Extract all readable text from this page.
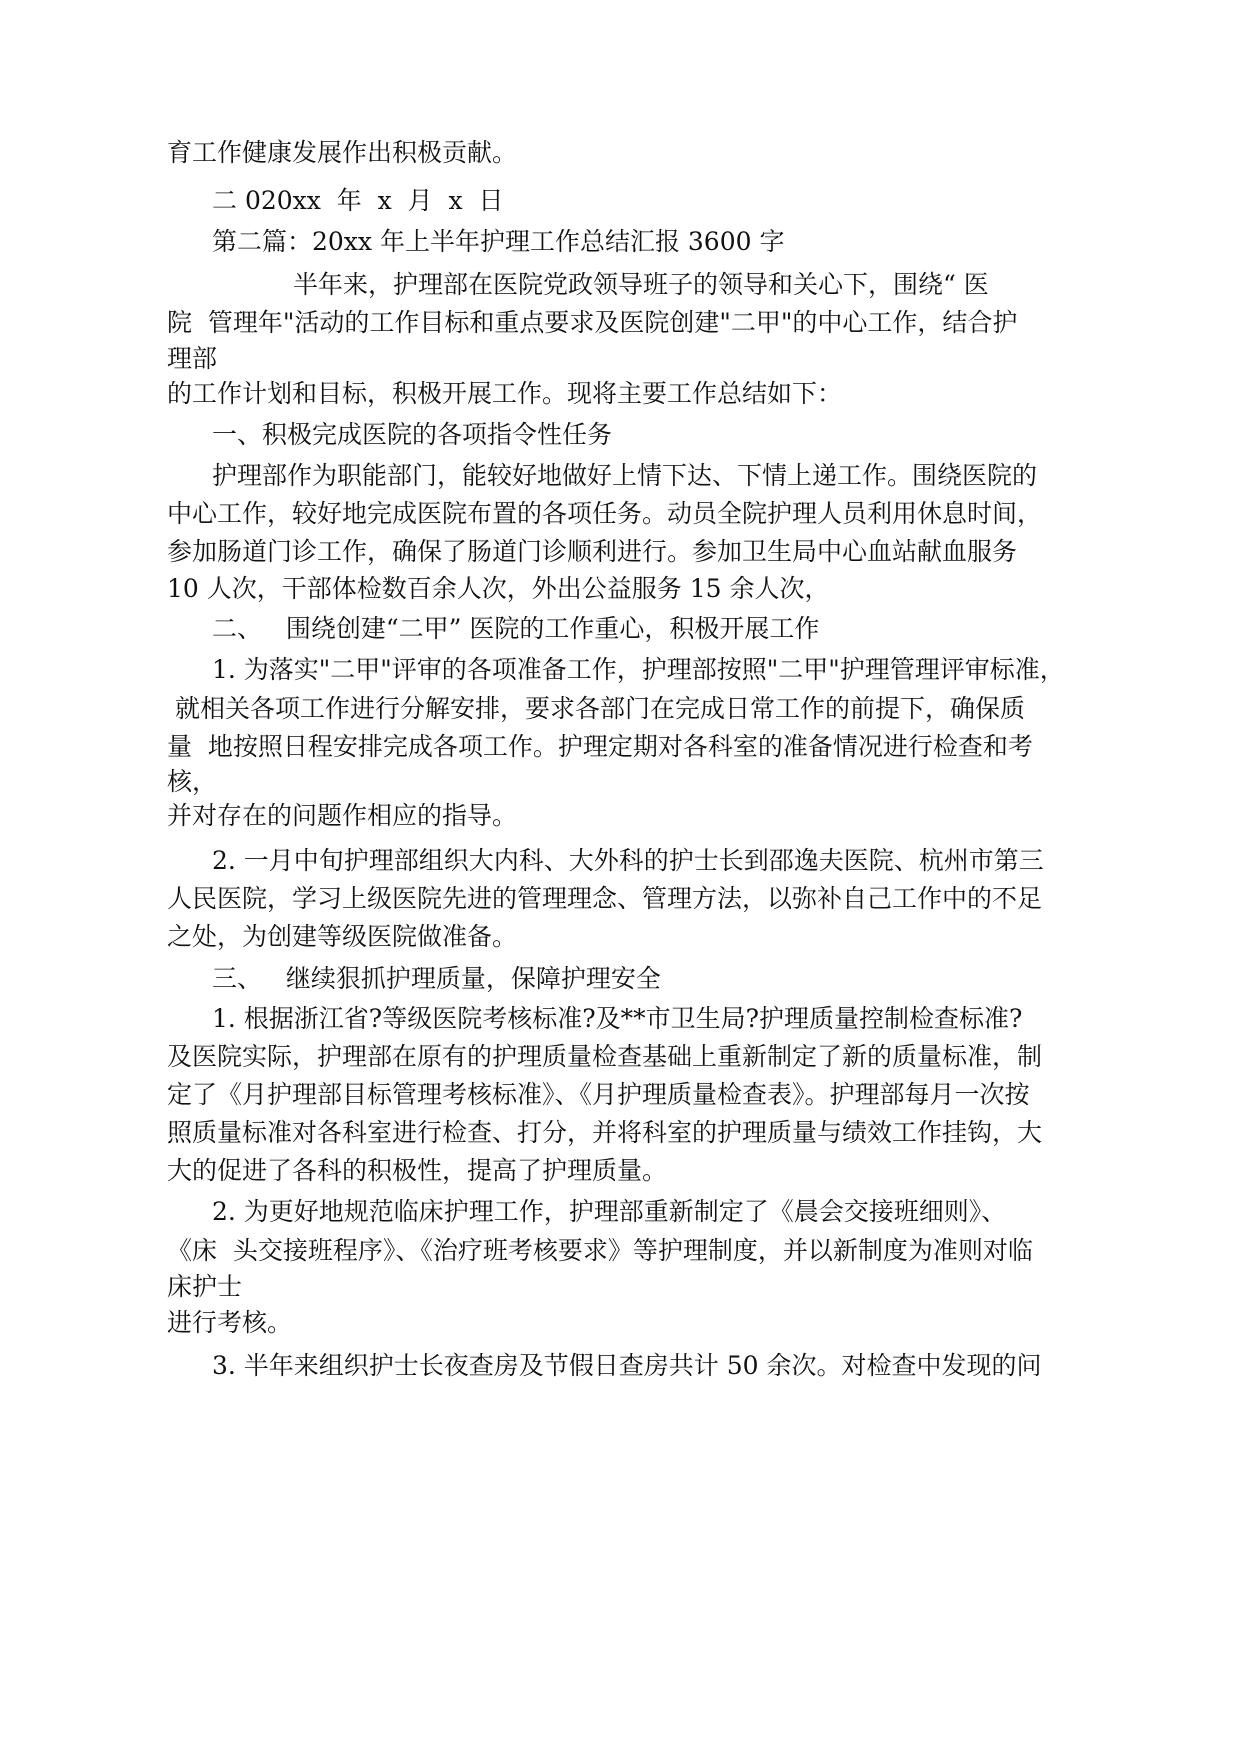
育工作健康发展作出积极贡献。
二 020xx  年  x  月  x  日
第二篇：20xx 年上半年护理工作总结汇报 3600 字
半年来，护理部在医院党政领导班子的领导和关心下，围绕“ 医
院  管理年"活动的工作目标和重点要求及医院创建"二甲"的中心工作，结合护
理部
的工作计划和目标，积极开展工作。现将主要工作总结如下：
一、积极完成医院的各项指令性任务
护理部作为职能部门，能较好地做好上情下达、下情上递工作。围绕医院的
中心工作，较好地完成医院布置的各项任务。动员全院护理人员利用休息时间，
参加肠道门诊工作，确保了肠道门诊顺利进行。参加卫生局中心血站献血服务
10 人次，干部体检数百余人次，外出公益服务 15 余人次，
二、   围绕创建“二甲” 医院的工作重心，积极开展工作
1. 为落实"二甲"评审的各项准备工作，护理部按照"二甲"护理管理评审标准，
就相关各项工作进行分解安排，要求各部门在完成日常工作的前提下，确保质
量  地按照日程安排完成各项工作。护理定期对各科室的准备情况进行检查和考
核，
并对存在的问题作相应的指导。
2. 一月中旬护理部组织大内科、大外科的护士长到邵逸夫医院、杭州市第三
人民医院，学习上级医院先进的管理理念、管理方法，以弥补自己工作中的不足
之处，为创建等级医院做准备。
三、   继续狠抓护理质量，保障护理安全
1. 根据浙江省?等级医院考核标准?及**市卫生局?护理质量控制检查标准?
及医院实际，护理部在原有的护理质量检查基础上重新制定了新的质量标准，制
定了《月护理部目标管理考核标准》、《月护理质量检查表》。护理部每月一次按
照质量标准对各科室进行检查、打分，并将科室的护理质量与绩效工作挂钩，大
大的促进了各科的积极性，提高了护理质量。
2. 为更好地规范临床护理工作，护理部重新制定了《晨会交接班细则》、
《床  头交接班程序》、《治疗班考核要求》等护理制度，并以新制度为准则对临
床护士
进行考核。
3. 半年来组织护士长夜查房及节假日查房共计 50 余次。对检查中发现的问
